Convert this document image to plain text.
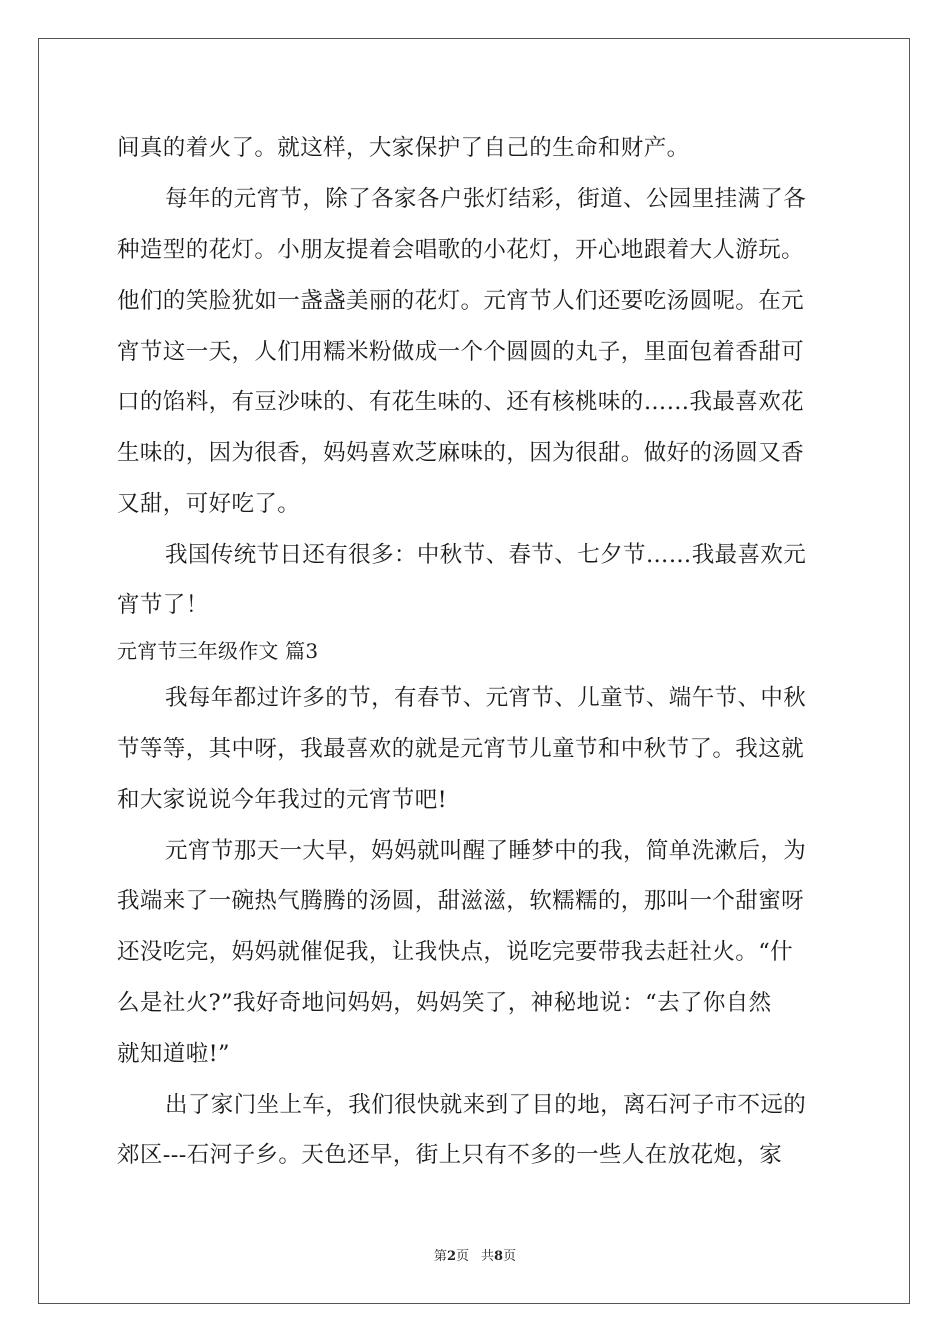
间真的着火了。就这样，大家保护了自己的生命和财产。
每年的元宵节，除了各家各户张灯结彩，街道、公园里挂满了各
种造型的花灯。小朋友提着会唱歌的小花灯，开心地跟着大人游玩。
他们的笑脸犹如一盏盏美丽的花灯。元宵节人们还要吃汤圆呢。在元
宵节这一天，人们用糯米粉做成一个个圆圆的丸子，里面包着香甜可
口的馅料，有豆沙味的、有花生味的、还有核桃味的……我最喜欢花
生味的，因为很香，妈妈喜欢芝麻味的，因为很甜。做好的汤圆又香
又甜，可好吃了。
我国传统节日还有很多：中秋节、春节、七夕节……我最喜欢元
宵节了！
元宵节三年级作文 篇3
我每年都过许多的节，有春节、元宵节、儿童节、端午节、中秋
节等等，其中呀，我最喜欢的就是元宵节儿童节和中秋节了。我这就
和大家说说今年我过的元宵节吧!
元宵节那天一大早，妈妈就叫醒了睡梦中的我，简单洗漱后，为
我端来了一碗热气腾腾的汤圆，甜滋滋，软糯糯的，那叫一个甜蜜呀
还没吃完，妈妈就催促我，让我快点，说吃完要带我去赶社火。“什
么是社火?”我好奇地问妈妈，妈妈笑了，神秘地说：“去了你自然
就知道啦!”
出了家门坐上车，我们很快就来到了目的地，离石河子市不远的
郊区---石河子乡。天色还早，街上只有不多的一些人在放花炮，家
第2页 共8页
